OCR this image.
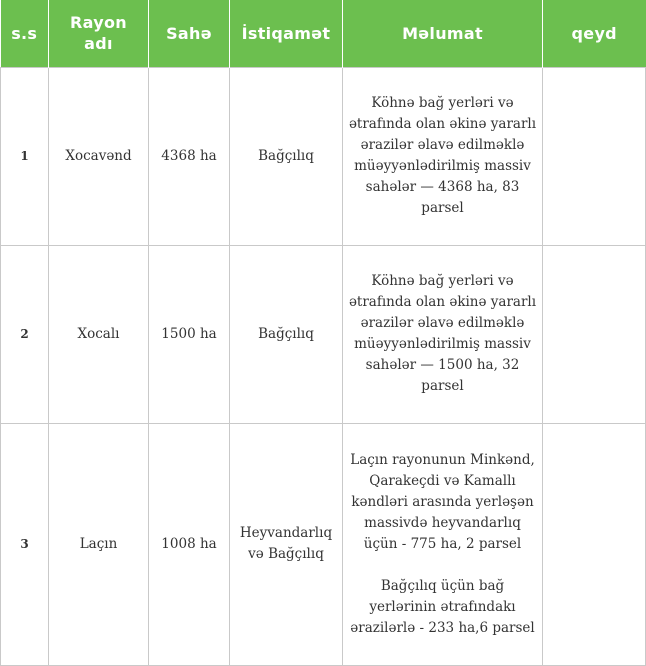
s.s	Rayon adı	Sahə	İstiqamət	Məlumat	qeyd
1	Xocavənd	4368 ha	Bağçılıq	Köhnə bağ yerləri və ətrafında olan əkinə yararlı ərazilər əlavə edilməklə müəyyənlədirilmiş massiv sahələr — 4368 ha, 83 parsel	

2	Xocalı	1500 ha	Bağçılıq	Köhnə bağ yerləri və ətrafında olan əkinə yararlı ərazilər əlavə edilməklə müəyyənlədirilmiş massiv sahələr — 1500 ha, 32 parsel	

3	Laçın	1008 ha	Heyvandarlıq və Bağçılıq	Laçın rayonunun Minkənd, Qarakeçdi və Kamallı kəndləri arasında yerləşən massivdə heyvandarlıq üçün - 775 ha, 2 parsel
Bağçılıq üçün bağ yerlərinin ətrafındakı ərazilərlə - 233 ha,6 parsel	
